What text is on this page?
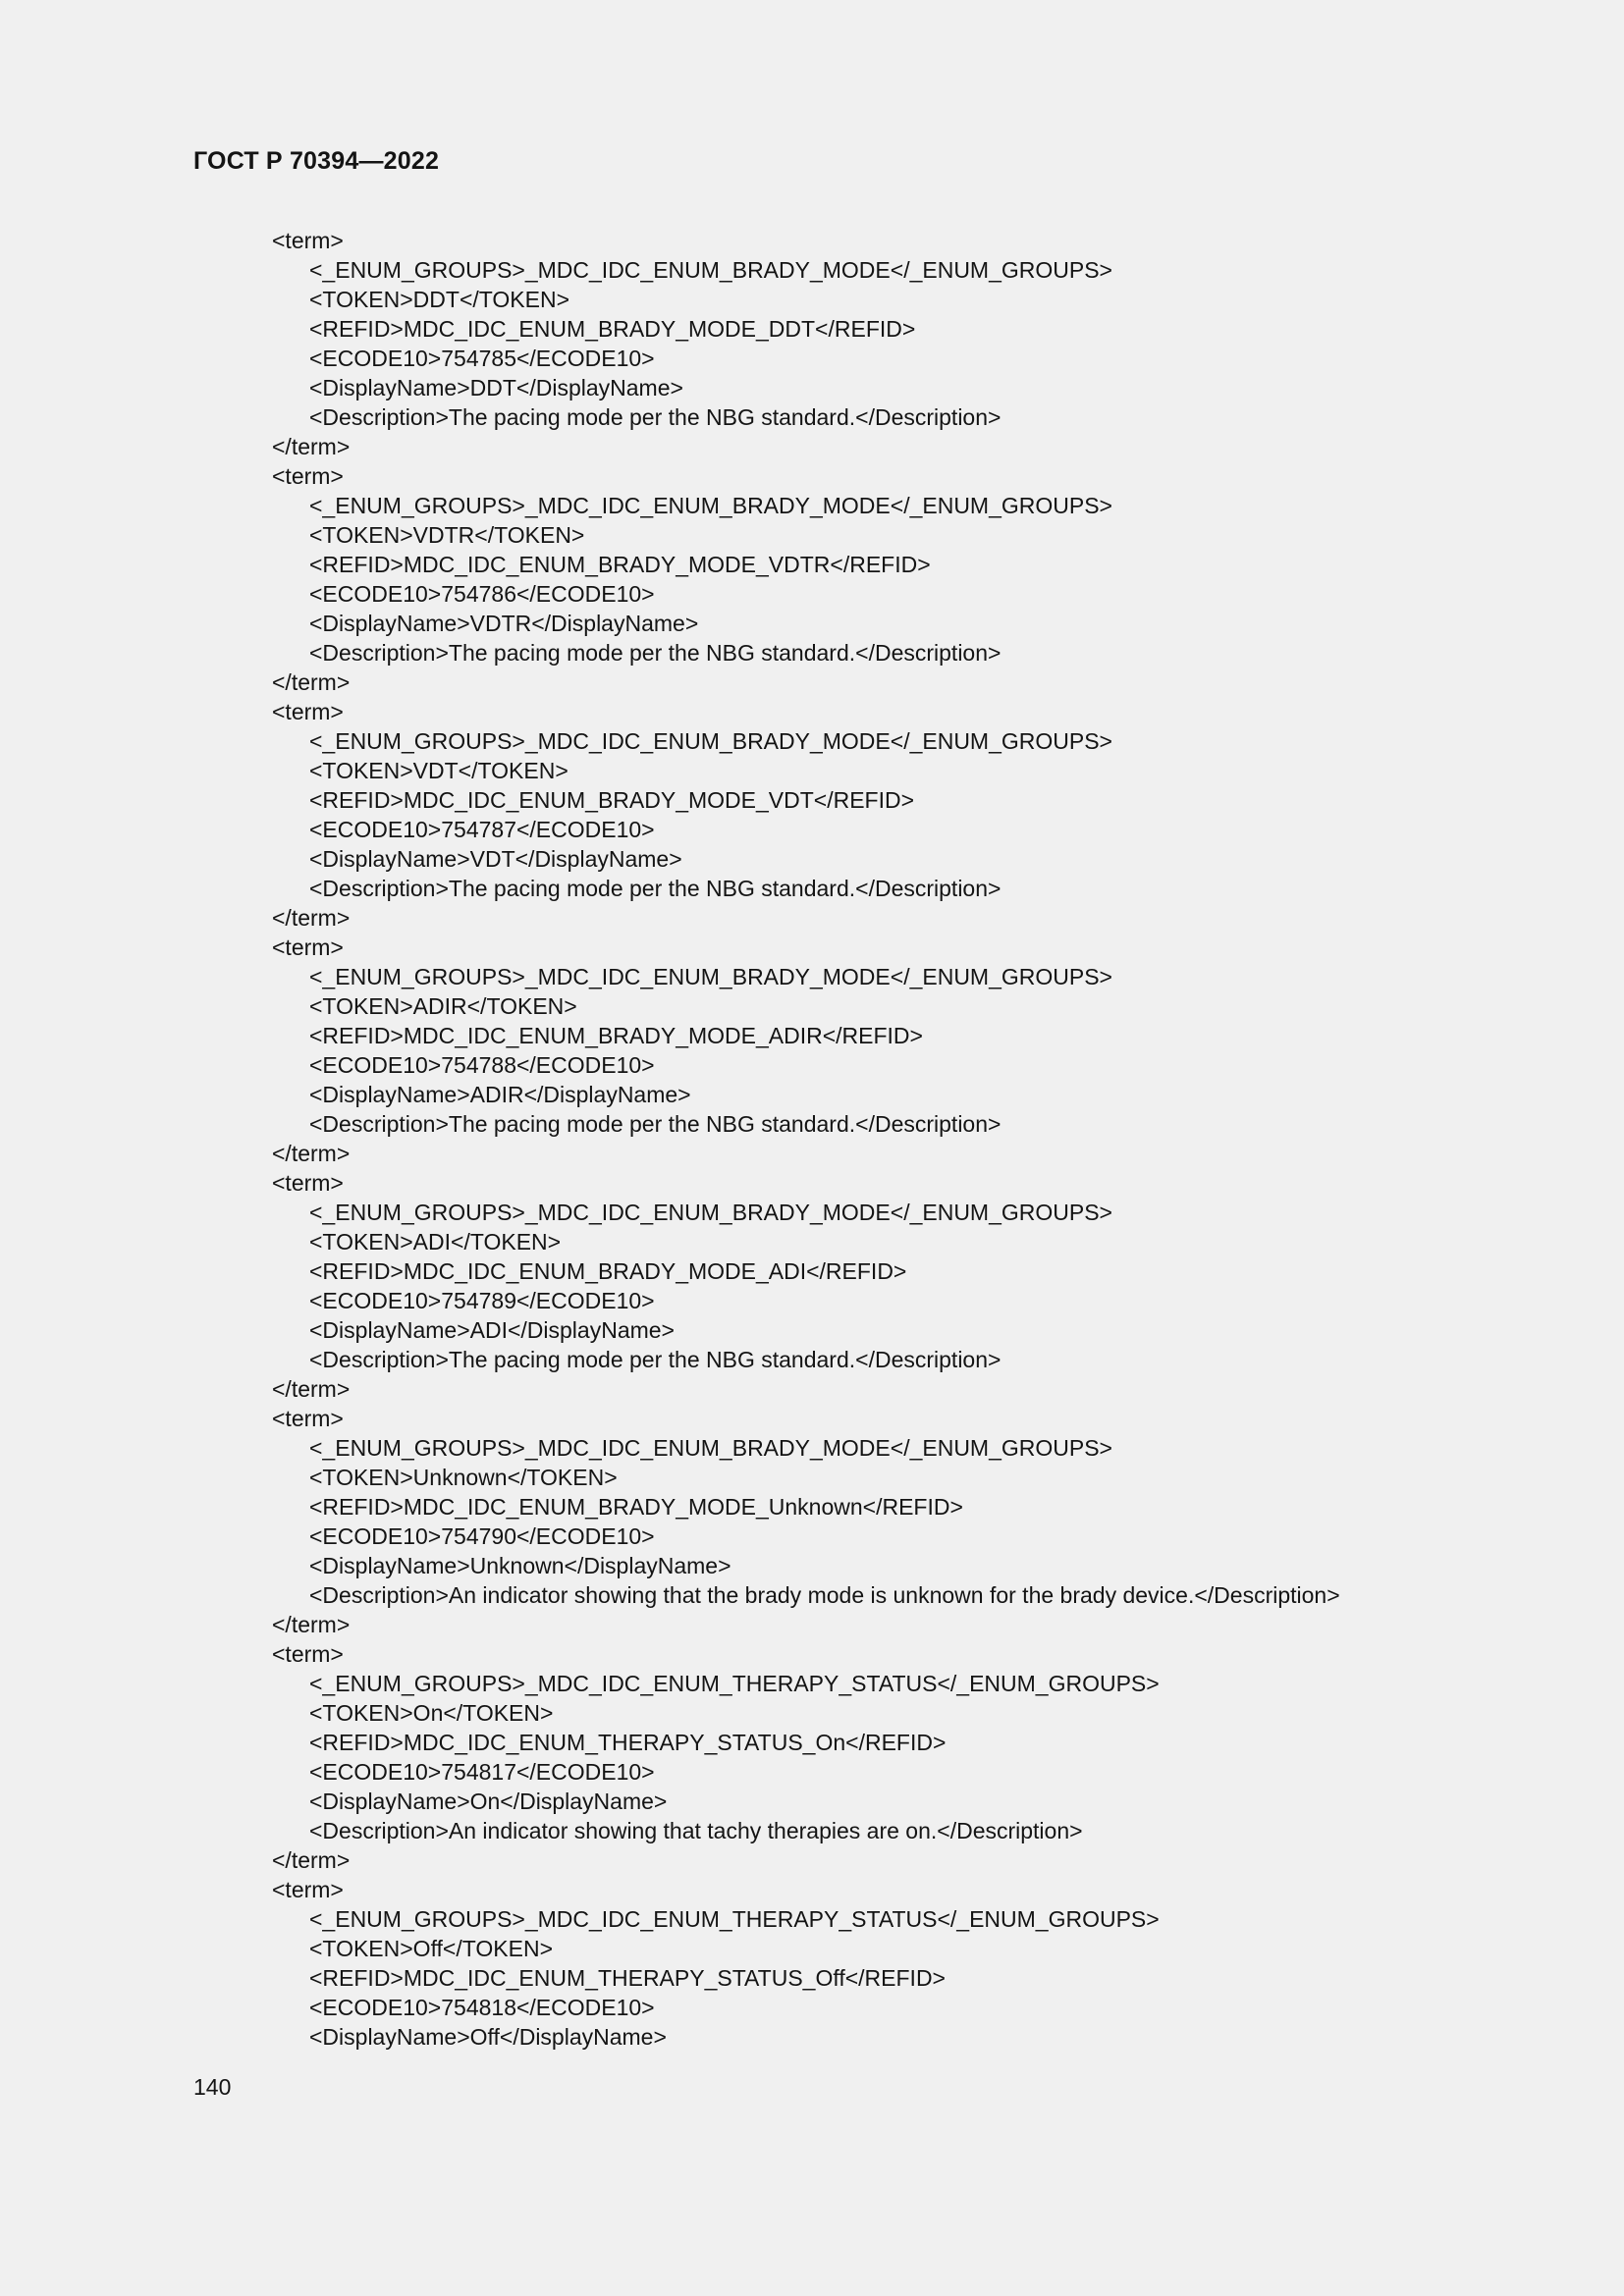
ГОСТ Р 70394—2022
<term>
<_ENUM_GROUPS>_MDC_IDC_ENUM_BRADY_MODE</_ENUM_GROUPS>
<TOKEN>DDT</TOKEN>
<REFID>MDC_IDC_ENUM_BRADY_MODE_DDT</REFID>
<ECODE10>754785</ECODE10>
<DisplayName>DDT</DisplayName>
<Description>The pacing mode per the NBG standard.</Description>
</term>
<term>
<_ENUM_GROUPS>_MDC_IDC_ENUM_BRADY_MODE</_ENUM_GROUPS>
<TOKEN>VDTR</TOKEN>
<REFID>MDC_IDC_ENUM_BRADY_MODE_VDTR</REFID>
<ECODE10>754786</ECODE10>
<DisplayName>VDTR</DisplayName>
<Description>The pacing mode per the NBG standard.</Description>
</term>
<term>
<_ENUM_GROUPS>_MDC_IDC_ENUM_BRADY_MODE</_ENUM_GROUPS>
<TOKEN>VDT</TOKEN>
<REFID>MDC_IDC_ENUM_BRADY_MODE_VDT</REFID>
<ECODE10>754787</ECODE10>
<DisplayName>VDT</DisplayName>
<Description>The pacing mode per the NBG standard.</Description>
</term>
<term>
<_ENUM_GROUPS>_MDC_IDC_ENUM_BRADY_MODE</_ENUM_GROUPS>
<TOKEN>ADIR</TOKEN>
<REFID>MDC_IDC_ENUM_BRADY_MODE_ADIR</REFID>
<ECODE10>754788</ECODE10>
<DisplayName>ADIR</DisplayName>
<Description>The pacing mode per the NBG standard.</Description>
</term>
<term>
<_ENUM_GROUPS>_MDC_IDC_ENUM_BRADY_MODE</_ENUM_GROUPS>
<TOKEN>ADI</TOKEN>
<REFID>MDC_IDC_ENUM_BRADY_MODE_ADI</REFID>
<ECODE10>754789</ECODE10>
<DisplayName>ADI</DisplayName>
<Description>The pacing mode per the NBG standard.</Description>
</term>
<term>
<_ENUM_GROUPS>_MDC_IDC_ENUM_BRADY_MODE</_ENUM_GROUPS>
<TOKEN>Unknown</TOKEN>
<REFID>MDC_IDC_ENUM_BRADY_MODE_Unknown</REFID>
<ECODE10>754790</ECODE10>
<DisplayName>Unknown</DisplayName>
<Description>An indicator showing that the brady mode is unknown for the brady device.</Description>
</term>
<term>
<_ENUM_GROUPS>_MDC_IDC_ENUM_THERAPY_STATUS</_ENUM_GROUPS>
<TOKEN>On</TOKEN>
<REFID>MDC_IDC_ENUM_THERAPY_STATUS_On</REFID>
<ECODE10>754817</ECODE10>
<DisplayName>On</DisplayName>
<Description>An indicator showing that tachy therapies are on.</Description>
</term>
<term>
<_ENUM_GROUPS>_MDC_IDC_ENUM_THERAPY_STATUS</_ENUM_GROUPS>
<TOKEN>Off</TOKEN>
<REFID>MDC_IDC_ENUM_THERAPY_STATUS_Off</REFID>
<ECODE10>754818</ECODE10>
<DisplayName>Off</DisplayName>
140
